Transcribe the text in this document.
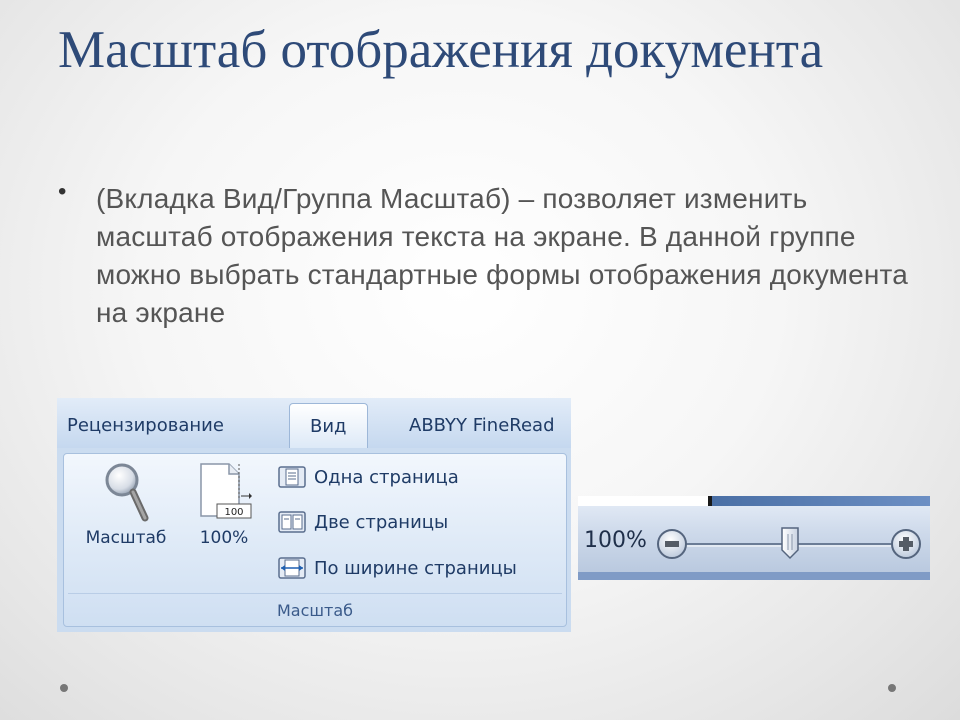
Масштаб отображения документа
• (Вкладка Вид/Группа Масштаб) – позволяет изменить масштаб отображения текста на экране. В данной группе можно выбрать стандартные формы отображения документа на экране
Рецензирование	Вид	ABBYY FineRead
Масштаб
100
100%
Одна страница
Две страницы
По ширине страницы
Масштаб
100%
